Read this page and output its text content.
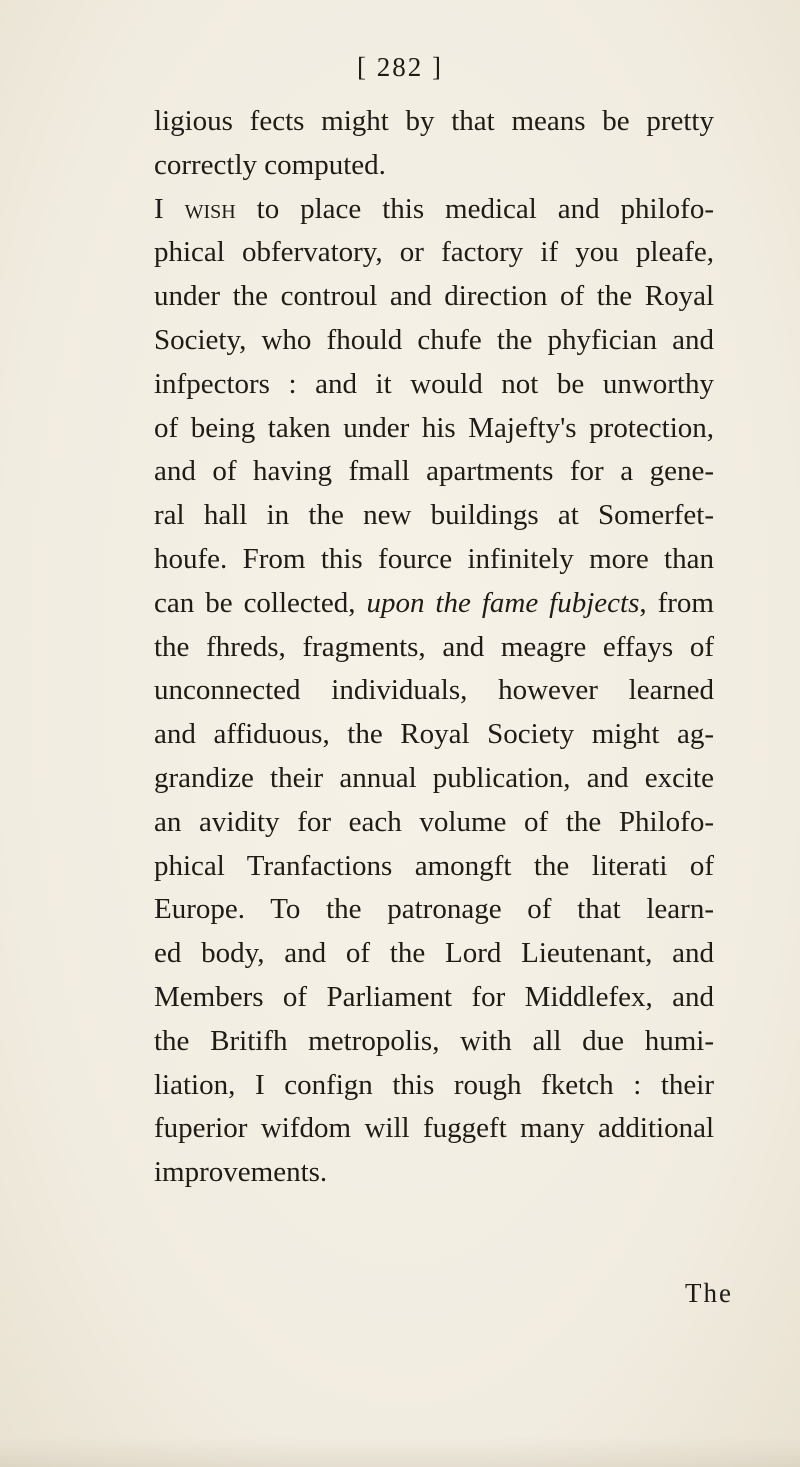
[ 282 ]
ligious fects might by that means be pretty
correctly computed.
I wish to place this medical and philofo-
phical obfervatory, or factory if you pleafe,
under the controul and direction of the Royal
Society, who fhould chufe the phyfician and
infpectors : and it would not be unworthy
of being taken under his Majefty's protection,
and of having fmall apartments for a gene-
ral hall in the new buildings at Somerfet-
houfe. From this fource infinitely more than
can be collected, upon the fame fubjects, from
the fhreds, fragments, and meagre effays of
unconnected individuals, however learned
and affiduous, the Royal Society might ag-
grandize their annual publication, and excite
an avidity for each volume of the Philofo-
phical Tranfactions amongft the literati of
Europe. To the patronage of that learn-
ed body, and of the Lord Lieutenant, and
Members of Parliament for Middlefex, and
the Britifh metropolis, with all due humi-
liation, I confign this rough fketch : their
fuperior wifdom will fuggeft many additional
improvements.
The
